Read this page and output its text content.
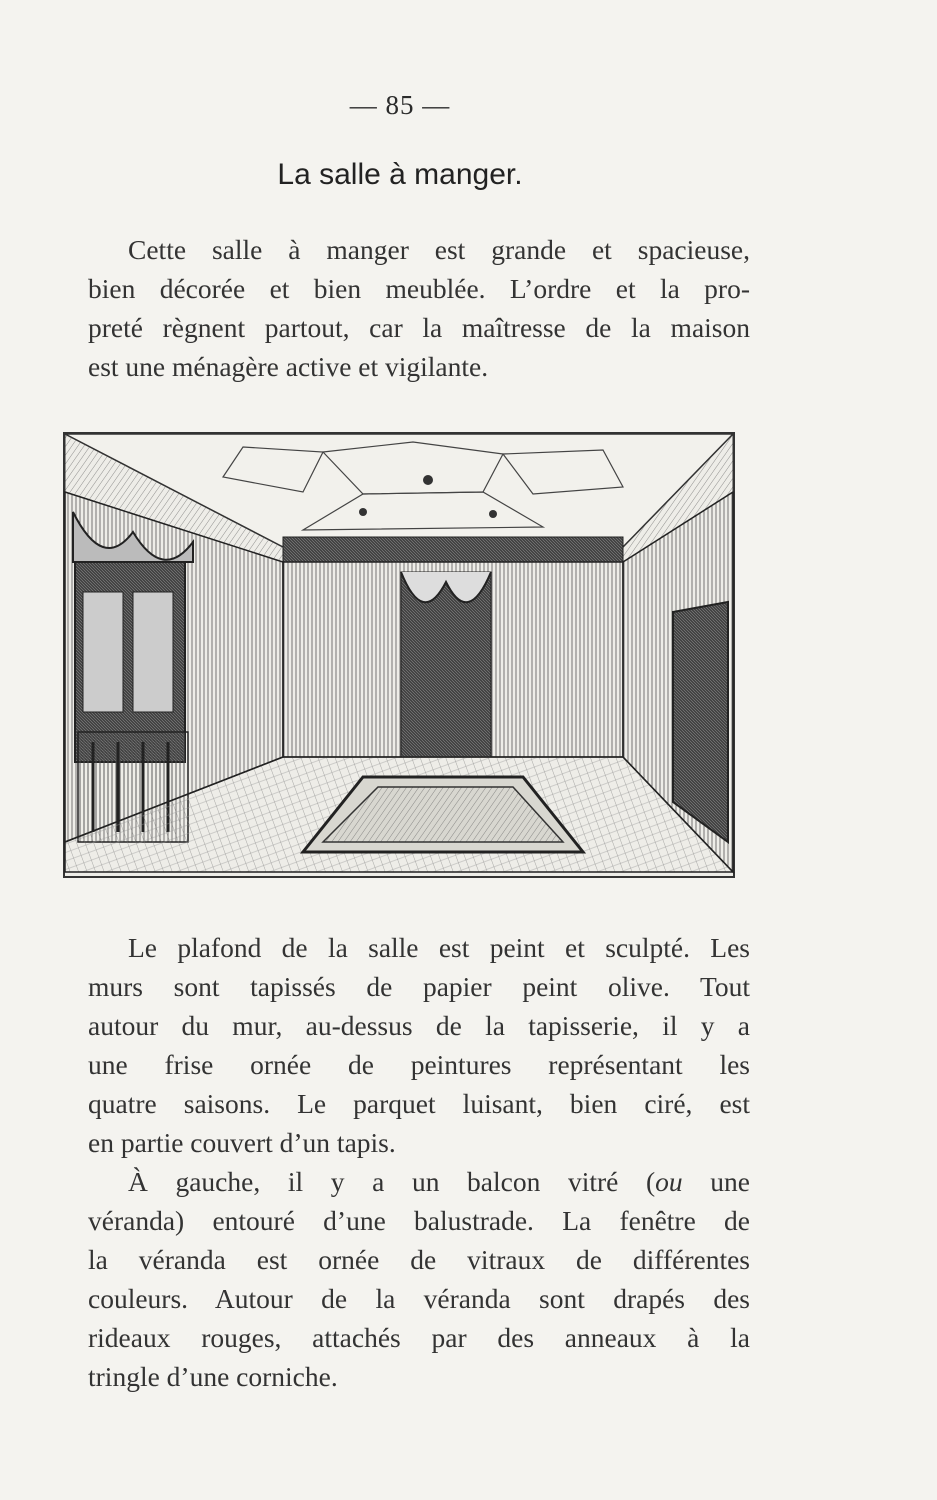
— 85 —
La salle à manger.

Cette salle à manger est grande et spacieuse,
bien décorée et bien meublée. L’ordre et la pro-
preté règnent partout, car la maîtresse de la maison
est une ménagère active et vigilante.

Le plafond de la salle est peint et sculpté. Les
murs sont tapissés de papier peint olive. Tout
autour du mur, au-dessus de la tapisserie, il y a
une frise ornée de peintures représentant les
quatre saisons. Le parquet luisant, bien ciré, est
en partie couvert d’un tapis.

À gauche, il y a un balcon vitré (ou une
véranda) entouré d’une balustrade. La fenêtre de
la véranda est ornée de vitraux de différentes
couleurs. Autour de la véranda sont drapés des
rideaux rouges, attachés par des anneaux à la
tringle d’une corniche.
